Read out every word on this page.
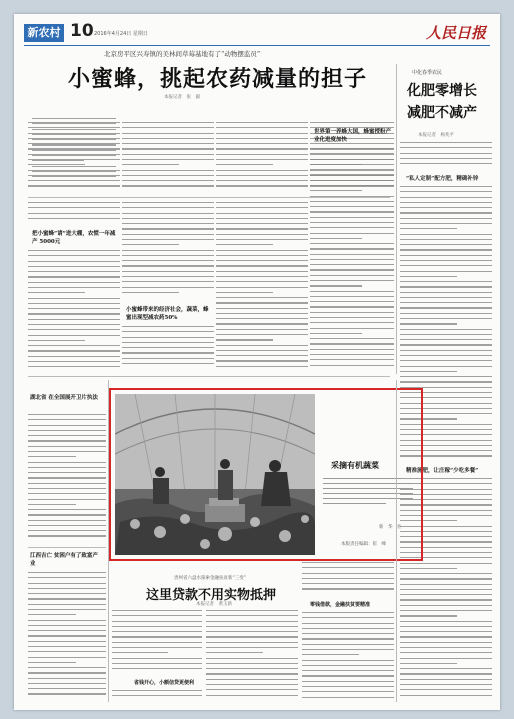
新农村 10 2016年4月24日 星期日	人民日报
北京房平区兴寿镇的美林间草莓基地有了“动物摆监员”
小蜜蜂，挑起农药减量的担子
本报记者　张　毅
中化春季农民
化肥零增长 减肥不减产
本报记者　杨兆平
把小蜜蜂“请”进大棚，农慌一年减产 5000元
小蜜蜂带来的经济社会，蔬菜，蜂蜜出现型减农药50%
世界第一养蜂大国，蜂蜜授粉产业化进度加快
“私人定制”配方肥，精确补锌
精准施肥，让庄稼“少吃多餐”
湖北省 在全国展开卫片执法
江西吉亡 贫困户有了致富产业
采摘有机蔬菜
新　华　社
本版责任编辑：崔　峰
贵州省六盘水探索金融扶贫新“三变”
这里贷款不用实物抵押
本报记者　黄玉新
省钱开心，小额信贷更便利
零钱借款，金融扶贫要精准
